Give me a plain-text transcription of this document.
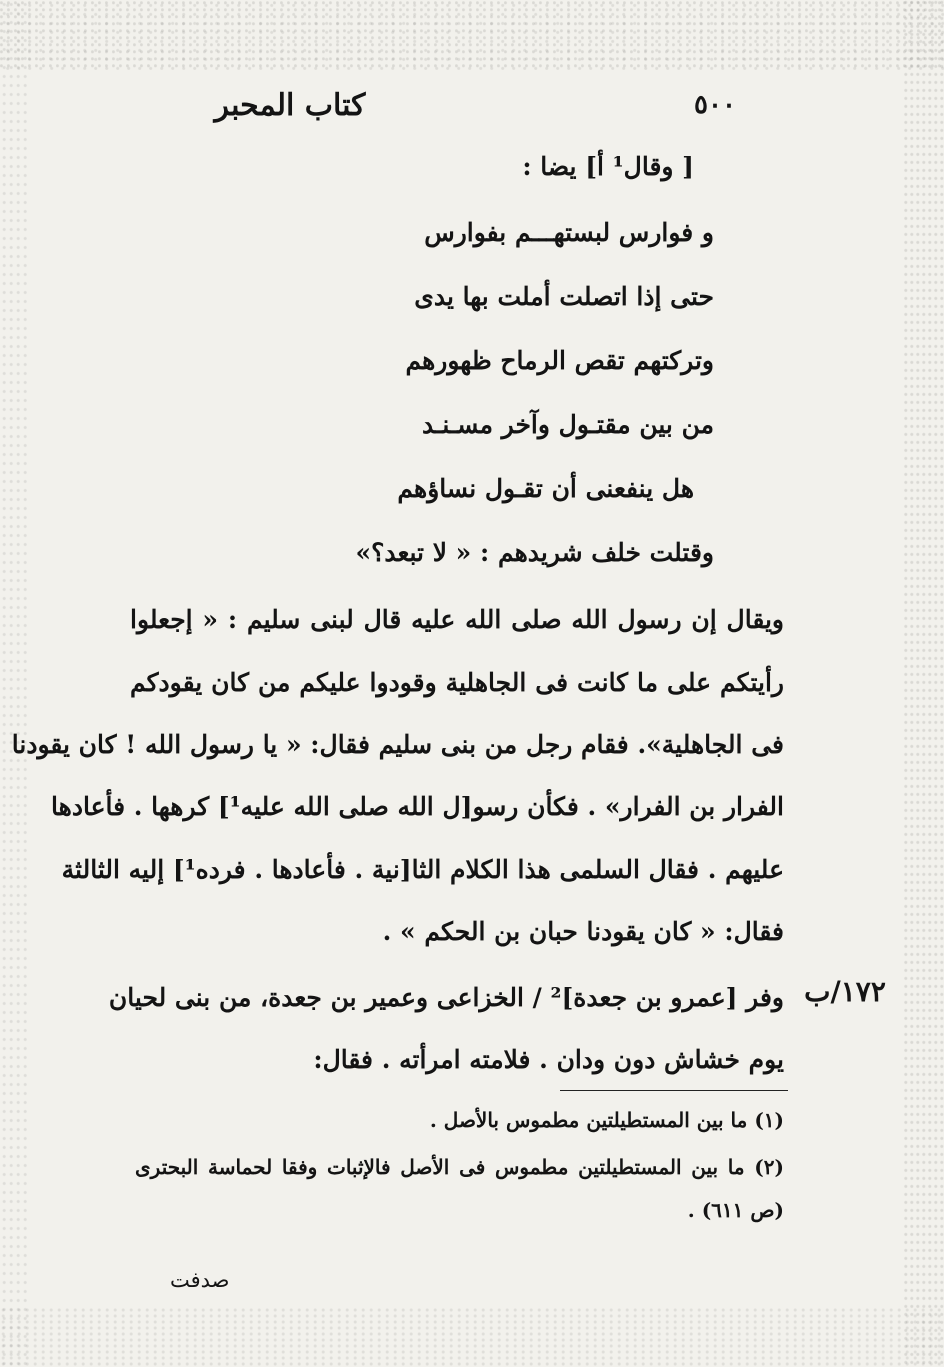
كتاب المحبر	٥٠٠
[ وقال¹ أ] يضا :
و فوارس لبستهـــم بفوارس
حتى إذا اتصلت أملت بها يدى
وتركتهم تقص الرماح ظهورهم
من بين مقتـول وآخر مسـنـد
هل ينفعنى أن تقـول نساؤهم
وقتلت خلف شريدهم : « لا تبعد؟»
ويقال إن رسول الله صلى الله عليه قال لبنى سليم : « إجعلوا
رأيتكم على ما كانت فى الجاهلية وقودوا عليكم من كان يقودكم
فى الجاهلية». فقام رجل من بنى سليم فقال: « يا رسول الله ! كان يقودنا
الفرار بن الفرار» . فكأن رسو[ل الله صلى الله عليه¹] كرهها . فأعادها
عليهم . فقال السلمى هذا الكلام الثا[نية . فأعادها . فرده¹] إليه الثالثة
فقال: « كان يقودنا حبان بن الحكم » .
١٧٢/ب
وفر [عمرو بن جعدة]² / الخزاعى وعمير بن جعدة، من بنى لحيان
يوم خشاش دون ودان . فلامته امرأته . فقال:
(١) ما بين المستطيلتين مطموس بالأصل .
(٢) ما بين المستطيلتين مطموس فى الأصل فالإثبات وفقا لحماسة البحترى
(ص ٦١١) .
صدفت
